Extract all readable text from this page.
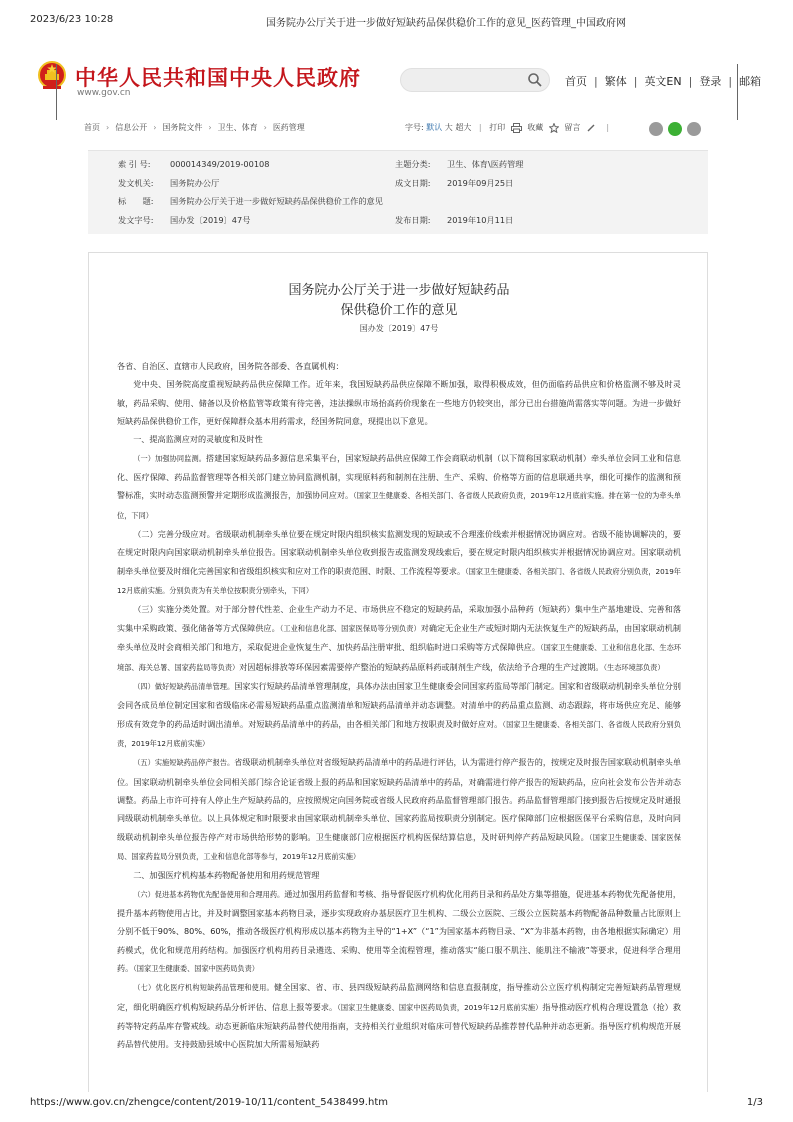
2023/6/23 10:28	国务院办公厅关于进一步做好短缺药品保供稳价工作的意见_医药管理_中国政府网
中华人民共和国中央人民政府
www.gov.cn
首页 | 繁体 | 英文EN | 登录 | 邮箱
首页 › 信息公开 › 国务院文件 › 卫生、体育 › 医药管理	字号: 默认 大 超大 | 打印	收藏	留言	|
索 引 号: 000014349/2019-00108	主题分类: 卫生、体育\医药管理
发文机关: 国务院办公厅	成文日期: 2019年09月25日
标　　题: 国务院办公厅关于进一步做好短缺药品保供稳价工作的意见
发文字号: 国办发〔2019〕47号	发布日期: 2019年10月11日
国务院办公厅关于进一步做好短缺药品
保供稳价工作的意见
国办发〔2019〕47号

各省、自治区、直辖市人民政府，国务院各部委、各直属机构：

党中央、国务院高度重视短缺药品供应保障工作。近年来，我国短缺药品供应保障不断加强，取得积极成效，但仍面临药品供应和价格监测不够及时灵敏，药品采购、使用、储备以及价格监管等政策有待完善，违法操纵市场抬高药价现象在一些地方仍较突出，部分已出台措施尚需落实等问题。为进一步做好短缺药品保供稳价工作，更好保障群众基本用药需求，经国务院同意，现提出以下意见。

一、提高监测应对的灵敏度和及时性

（一）加强协同监测。搭建国家短缺药品多源信息采集平台，国家短缺药品供应保障工作会商联动机制（以下简称国家联动机制）牵头单位会同工业和信息化、医疗保障、药品监督管理等各相关部门建立协同监测机制，实现原料药和制剂在注册、生产、采购、价格等方面的信息联通共享，细化可操作的监测和预警标准，实时动态监测预警并定期形成监测报告，加强协同应对。（国家卫生健康委、各相关部门、各省级人民政府负责，2019年12月底前实施。排在第一位的为牵头单位，下同）

（二）完善分级应对。省级联动机制牵头单位要在规定时限内组织核实监测发现的短缺或不合理涨价线索并根据情况协调应对。省级不能协调解决的，要在规定时限内向国家联动机制牵头单位报告。国家联动机制牵头单位收到报告或监测发现线索后，要在规定时限内组织核实并根据情况协调应对。国家联动机制牵头单位要及时细化完善国家和省级组织核实和应对工作的职责范围、时限、工作流程等要求。（国家卫生健康委、各相关部门、各省级人民政府分别负责，2019年12月底前实施。分别负责为有关单位按职责分别牵头，下同）

（三）实施分类处置。对于部分替代性差、企业生产动力不足、市场供应不稳定的短缺药品，采取加强小品种药（短缺药）集中生产基地建设、完善和落实集中采购政策、强化储备等方式保障供应。（工业和信息化部、国家医保局等分别负责）对确定无企业生产或短时期内无法恢复生产的短缺药品，由国家联动机制牵头单位及时会商相关部门和地方，采取促进企业恢复生产、加快药品注册审批、组织临时进口采购等方式保障供应。（国家卫生健康委、工业和信息化部、生态环境部、海关总署、国家药监局等负责）对因超标排放等环保因素需要停产整治的短缺药品原料药或制剂生产线，依法给予合理的生产过渡期。（生态环境部负责）

（四）做好短缺药品清单管理。国家实行短缺药品清单管理制度，具体办法由国家卫生健康委会同国家药监局等部门制定。国家和省级联动机制牵头单位分别会同各成员单位制定国家和省级临床必需易短缺药品重点监测清单和短缺药品清单并动态调整。对清单中的药品重点监测、动态跟踪，将市场供应充足、能够形成有效竞争的药品适时调出清单。对短缺药品清单中的药品，由各相关部门和地方按职责及时做好应对。（国家卫生健康委、各相关部门、各省级人民政府分别负责，2019年12月底前实施）

（五）实施短缺药品停产报告。省级联动机制牵头单位对省级短缺药品清单中的药品进行评估，认为需进行停产报告的，按规定及时报告国家联动机制牵头单位。国家联动机制牵头单位会同相关部门综合论证省级上报的药品和国家短缺药品清单中的药品，对确需进行停产报告的短缺药品，应向社会发布公告并动态调整。药品上市许可持有人停止生产短缺药品的，应按照规定向国务院或省级人民政府药品监督管理部门报告。药品监督管理部门接到报告后按规定及时通报同级联动机制牵头单位。以上具体规定和时限要求由国家联动机制牵头单位、国家药监局按职责分别制定。医疗保障部门应根据医保平台采购信息，及时向同级联动机制牵头单位报告停产对市场供给形势的影响。卫生健康部门应根据医疗机构医保结算信息，及时研判停产药品短缺风险。（国家卫生健康委、国家医保局、国家药监局分别负责，工业和信息化部等参与，2019年12月底前实施）

二、加强医疗机构基本药物配备使用和用药规范管理

（六）促进基本药物优先配备使用和合理用药。通过加强用药监督和考核、指导督促医疗机构优化用药目录和药品处方集等措施，促进基本药物优先配备使用，提升基本药物使用占比，并及时调整国家基本药物目录，逐步实现政府办基层医疗卫生机构、二级公立医院、三级公立医院基本药物配备品种数量占比原则上分别不低于90%、80%、60%，推动各级医疗机构形成以基本药物为主导的“1+X”（“1”为国家基本药物目录、“X”为非基本药物，由各地根据实际确定）用药模式，优化和规范用药结构。加强医疗机构用药目录遴选、采购、使用等全流程管理，推动落实“能口服不肌注、能肌注不输液”等要求，促进科学合理用药。（国家卫生健康委、国家中医药局负责）

（七）优化医疗机构短缺药品管理和使用。健全国家、省、市、县四级短缺药品监测网络和信息直报制度，指导推动公立医疗机构制定完善短缺药品管理规定，细化明确医疗机构短缺药品分析评估、信息上报等要求。（国家卫生健康委、国家中医药局负责，2019年12月底前实施）指导推动医疗机构合理设置急（抢）救药等特定药品库存警戒线。动态更新临床短缺药品替代使用指南，支持相关行业组织对临床可替代短缺药品推荐替代品种并动态更新。指导医疗机构规范开展药品替代使用。支持鼓励县域中心医院加大所需易短缺药

https://www.gov.cn/zhengce/content/2019-10/11/content_5438499.htm	1/3
